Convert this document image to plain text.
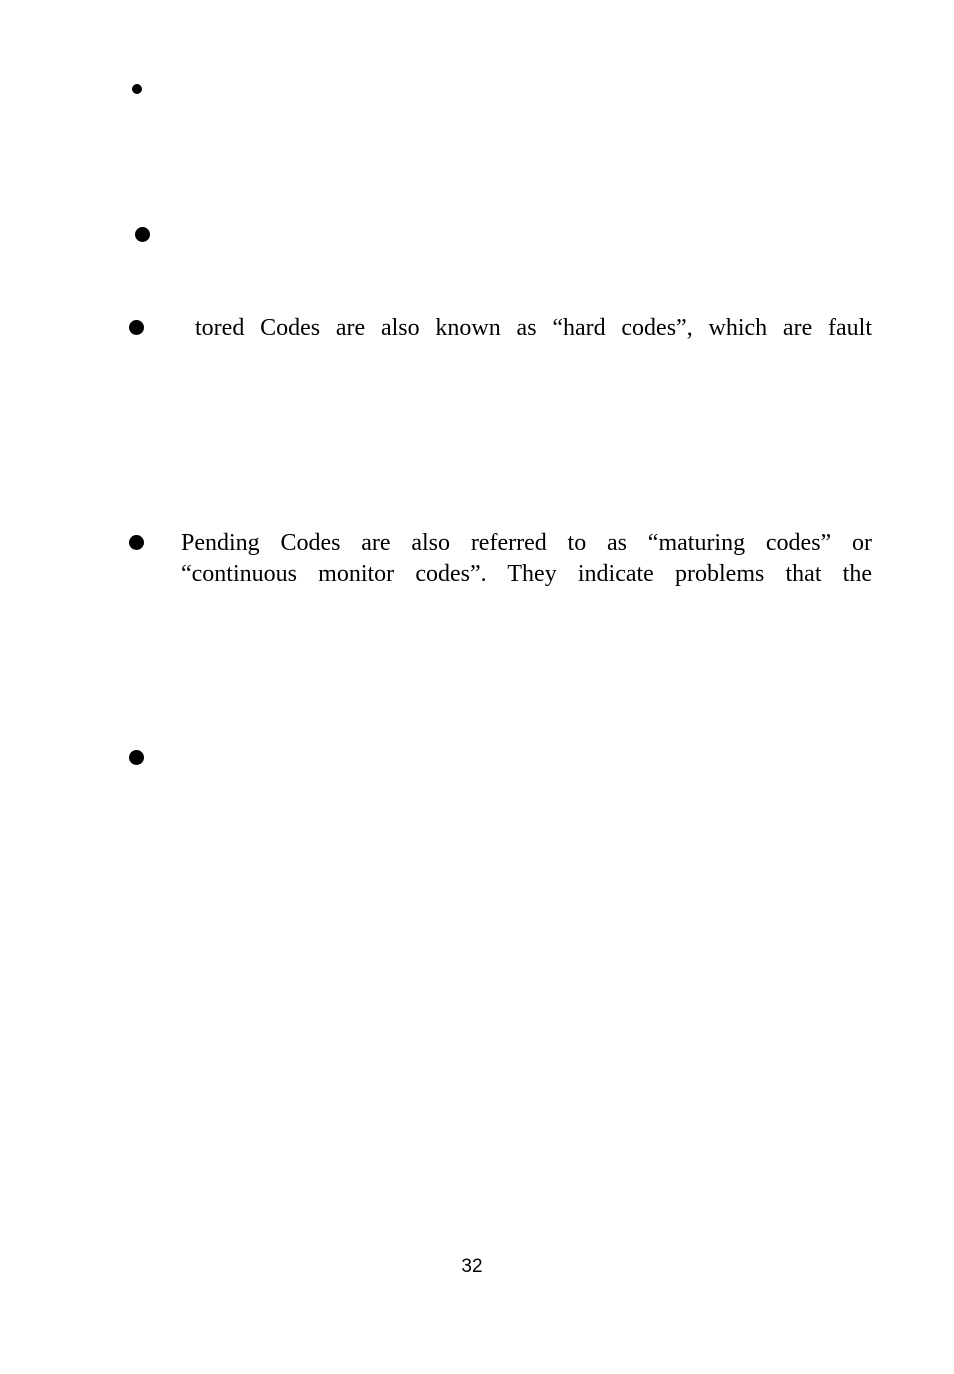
tored Codes are also known as “hard codes”, which are fault
Pending Codes are also referred to as “maturing codes” or
“continuous monitor codes”. They indicate problems that the
32
